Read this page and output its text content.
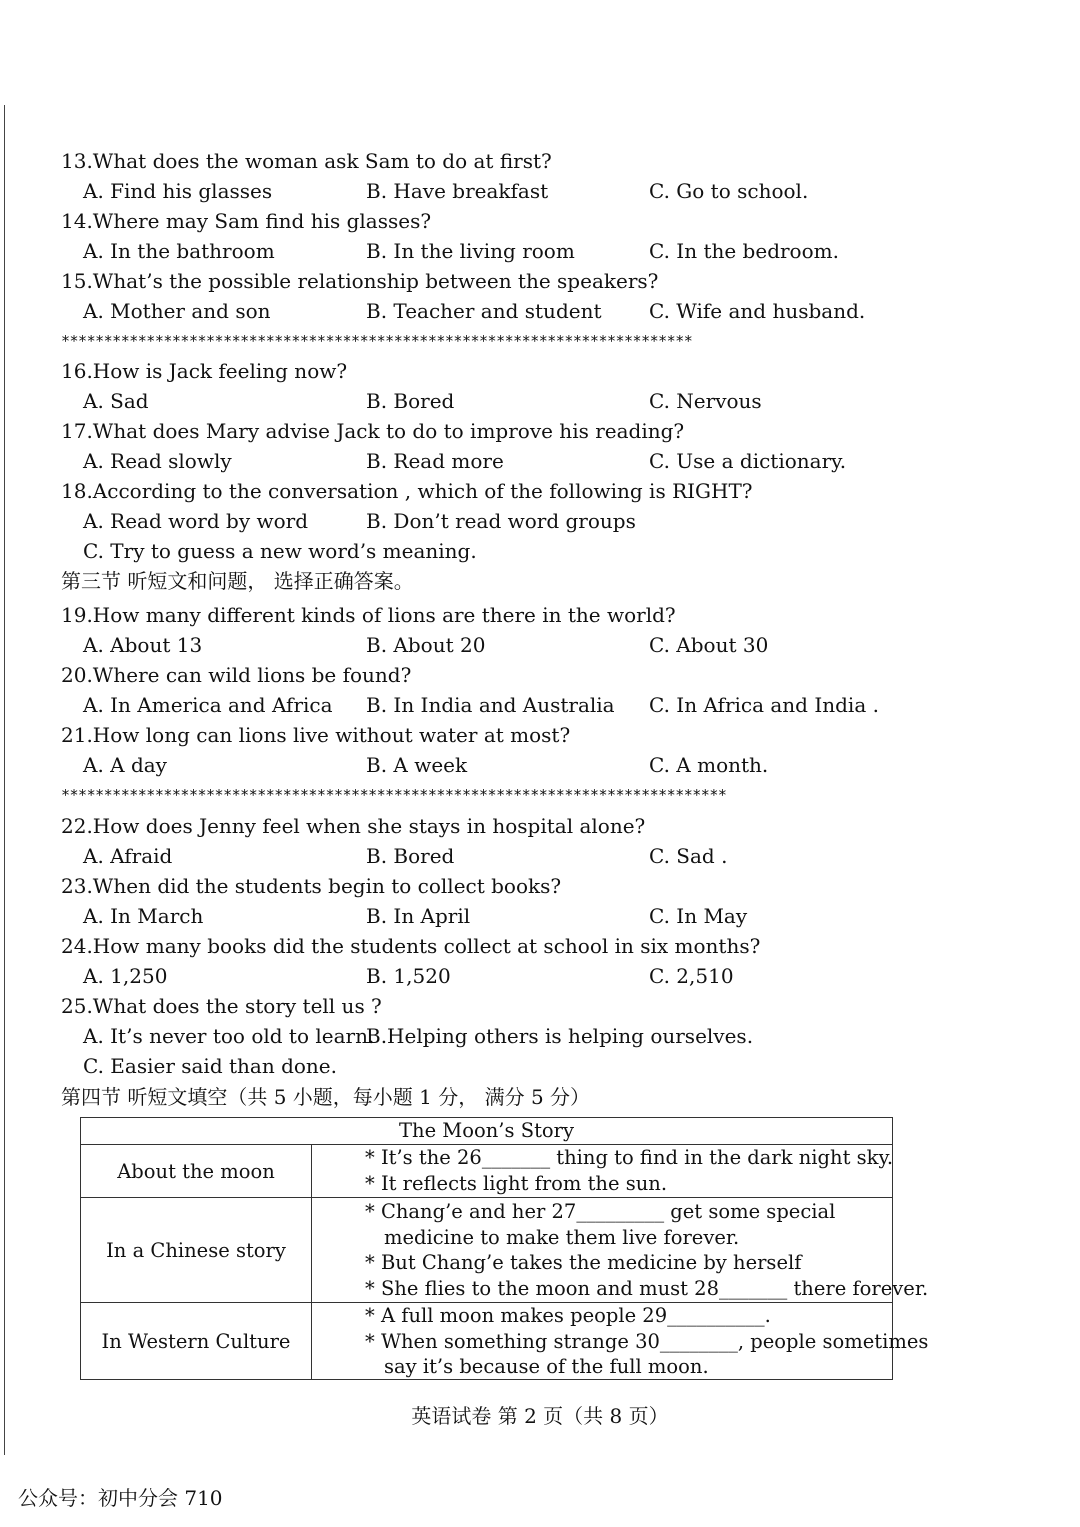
13.What does the woman ask Sam to do at first?
A. Find his glasses	B. Have breakfast	C. Go to school.
14.Where may Sam find his glasses?
A. In the bathroom	B. In the living room	C. In the bedroom.
15.What’s the possible relationship between the speakers?
A. Mother and son	B. Teacher and student C. Wife and husband.
**************************************************************************
16.How is Jack feeling now?
A. Sad	B. Bored	C. Nervous
17.What does Mary advise Jack to do to improve his reading?
A. Read slowly	B. Read more	C. Use a dictionary.
18.According to the conversation , which of the following is RIGHT?
A. Read word by word	B. Don’t read word groups
C. Try to guess a new word’s meaning.
第三节 听短文和问题， 选择正确答案。
19.How many different kinds of lions are there in the world?
A. About 13	B. About 20	C. About 30
20.Where can wild lions be found?
A. In America and Africa B. In India and Australia C. In Africa and India .
21.How long can lions live without water at most?
A. A day	B. A week	C. A month.
******************************************************************************
22.How does Jenny feel when she stays in hospital alone?
A. Afraid	B. Bored	C. Sad .
23.When did the students begin to collect books?
A. In March	B. In April	C. In May
24.How many books did the students collect at school in six months?
A. 1,250	B. 1,520	C. 2,510
25.What does the story tell us ?
A. It’s never too old to learn.
B.Helping others is helping ourselves.
C. Easier said than done.
第四节 听短文填空（共 5 小题，每小题 1 分， 满分 5 分）
The Moon’s Story
About the moon
* It’s the 26_______ thing to find in the dark night sky.
* It reflects light from the sun.
In a Chinese story
* Chang’e and her 27_________ get some special
medicine to make them live forever.
* But Chang’e takes the medicine by herself
* She flies to the moon and must 28_______ there forever.
In Western Culture
* A full moon makes people 29__________.
* When something strange 30________, people sometimes
say it’s because of the full moon.
英语试卷 第 2 页（共 8 页）
公众号：初中分会 710
